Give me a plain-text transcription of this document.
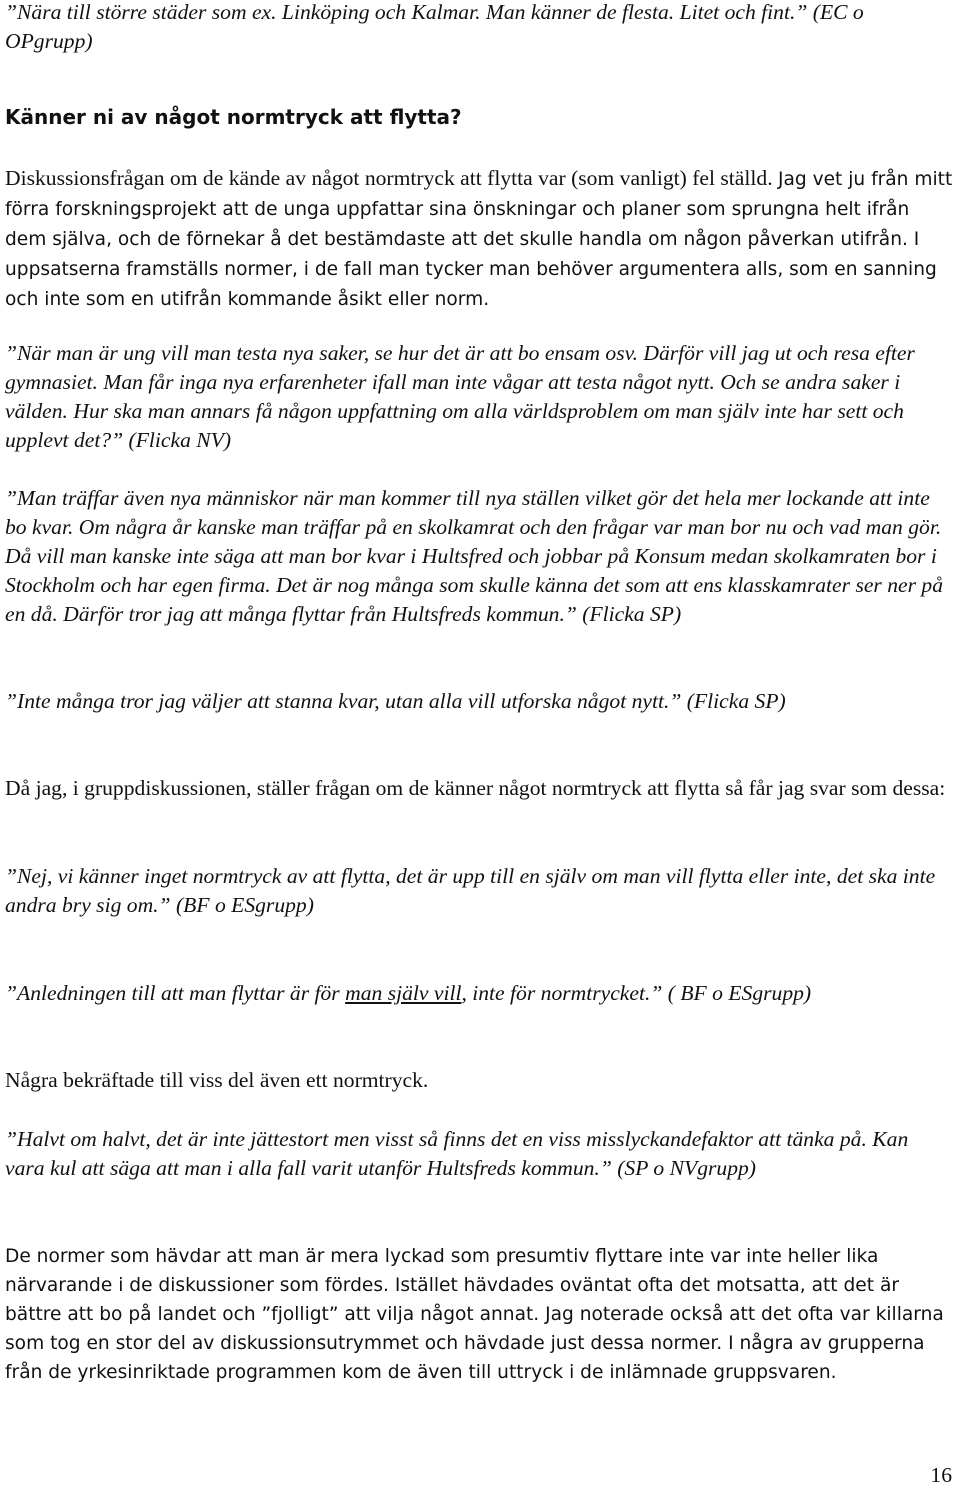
”Nära till större städer som ex. Linköping och Kalmar. Man känner de flesta. Litet och fint.” (EC o OPgrupp)

Känner ni av något normtryck att flytta?

Diskussionsfrågan om de kände av något normtryck att flytta var (som vanligt) fel ställd. Jag vet ju från mitt förra forskningsprojekt att de unga uppfattar sina önskningar och planer som sprungna helt ifrån dem själva, och de förnekar å det bestämdaste att det skulle handla om någon påverkan utifrån. I uppsatserna framställs normer, i de fall man tycker man behöver argumentera alls, som en sanning och inte som en utifrån kommande åsikt eller norm.

”När man är ung vill man testa nya saker, se hur det är att bo ensam osv. Därför vill jag ut och resa efter gymnasiet. Man får inga nya erfarenheter ifall man inte vågar att testa något nytt. Och se andra saker i välden. Hur ska man annars få någon uppfattning om alla världsproblem om man själv inte har sett och upplevt det?” (Flicka NV)

”Man träffar även nya människor när man kommer till nya ställen vilket gör det hela mer lockande att inte bo kvar. Om några år kanske man träffar på en skolkamrat och den frågar var man bor nu och vad man gör. Då vill man kanske inte säga att man bor kvar i Hultsfred och jobbar på Konsum medan skolkamraten bor i Stockholm och har egen firma. Det är nog många som skulle känna det som att ens klasskamrater ser ner på en då. Därför tror jag att många flyttar från Hultsfreds kommun.” (Flicka SP)

”Inte många tror jag väljer att stanna kvar, utan alla vill utforska något nytt.” (Flicka SP)

Då jag, i gruppdiskussionen, ställer frågan om de känner något normtryck att flytta så får jag svar som dessa:

”Nej, vi känner inget normtryck av att flytta, det är upp till en själv om man vill flytta eller inte, det ska inte andra bry sig om.” (BF o ESgrupp)

”Anledningen till att man flyttar är för man själv vill, inte för normtrycket.” ( BF o ESgrupp)

Några bekräftade till viss del även ett normtryck.

”Halvt om halvt, det är inte jättestort men visst så finns det en viss misslyckandefaktor att tänka på. Kan vara kul att säga att man i alla fall varit utanför Hultsfreds kommun.” (SP o NVgrupp)

De normer som hävdar att man är mera lyckad som presumtiv flyttare inte var inte heller lika närvarande i de diskussioner som fördes. Istället hävdades oväntat ofta det motsatta, att det är bättre att bo på landet och ”fjolligt” att vilja något annat. Jag noterade också att det ofta var killarna som tog en stor del av diskussionsutrymmet och hävdade just dessa normer. I några av grupperna från de yrkesinriktade programmen kom de även till uttryck i de inlämnade gruppsvaren.

16
